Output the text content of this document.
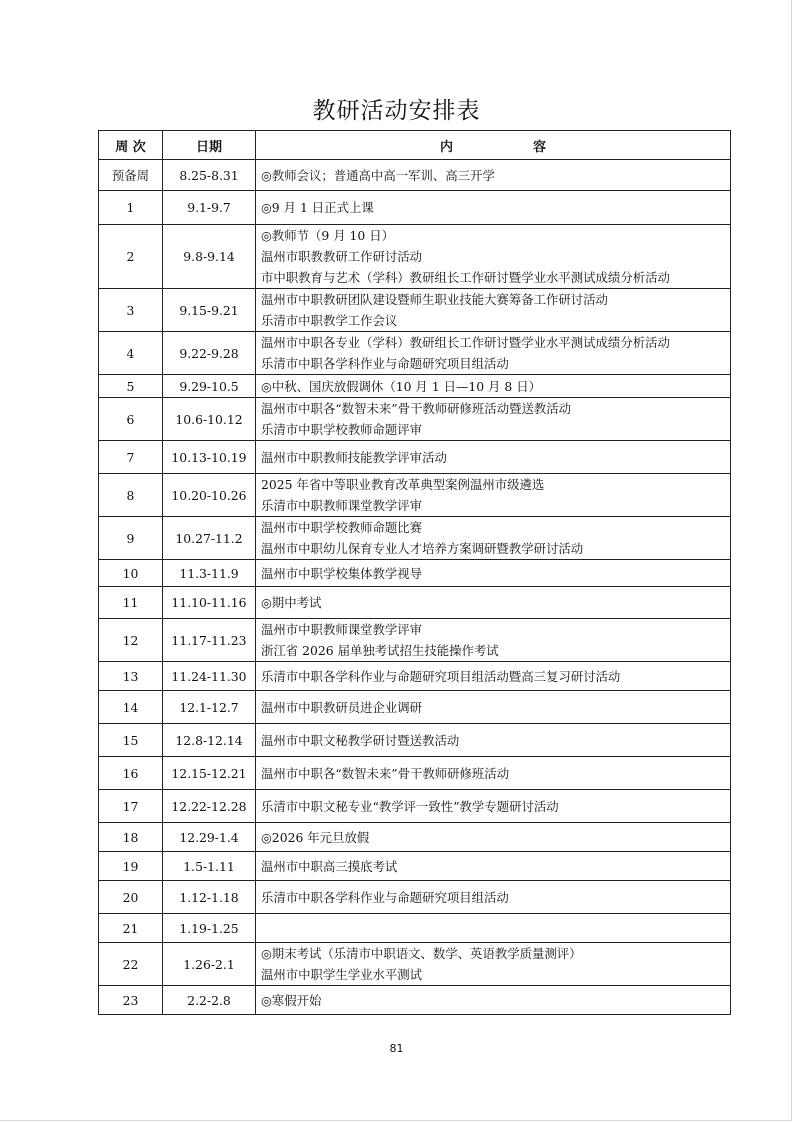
教研活动安排表
周 次	日期	内 容
预备周	8.25-8.31	◎教师会议；普通高中高一军训、高三开学

1	9.1-9.7	◎9 月 1 日正式上课

2	9.8-9.14	◎教师节（9 月 10 日）
温州市职教教研工作研讨活动
市中职教育与艺术（学科）教研组长工作研讨暨学业水平测试成绩分析活动

3	9.15-9.21	温州市中职教研团队建设暨师生职业技能大赛筹备工作研讨活动
乐清市中职教学工作会议

4	9.22-9.28	温州市中职各专业（学科）教研组长工作研讨暨学业水平测试成绩分析活动
乐清市中职各学科作业与命题研究项目组活动

5	9.29-10.5	◎中秋、国庆放假调休（10 月 1 日—10 月 8 日）

6	10.6-10.12	温州市中职各“数智未来”骨干教师研修班活动暨送教活动
乐清市中职学校教师命题评审

7	10.13-10.19	温州市中职教师技能教学评审活动

8	10.20-10.26	2025 年省中等职业教育改革典型案例温州市级遴选
乐清市中职教师课堂教学评审

9	10.27-11.2	温州市中职学校教师命题比赛
温州市中职幼儿保育专业人才培养方案调研暨教学研讨活动

10	11.3-11.9	温州市中职学校集体教学视导

11	11.10-11.16	◎期中考试

12	11.17-11.23	温州市中职教师课堂教学评审
浙江省 2026 届单独考试招生技能操作考试

13	11.24-11.30	乐清市中职各学科作业与命题研究项目组活动暨高三复习研讨活动

14	12.1-12.7	温州市中职教研员进企业调研

15	12.8-12.14	温州市中职文秘教学研讨暨送教活动

16	12.15-12.21	温州市中职各“数智未来”骨干教师研修班活动

17	12.22-12.28	乐清市中职文秘专业“教学评一致性”教学专题研讨活动

18	12.29-1.4	◎2026 年元旦放假

19	1.5-1.11	温州市中职高三摸底考试

20	1.12-1.18	乐清市中职各学科作业与命题研究项目组活动

21	1.19-1.25	
22	1.26-2.1	◎期末考试（乐清市中职语文、数学、英语教学质量测评）
温州市中职学生学业水平测试

23	2.2-2.8	◎寒假开始
81
